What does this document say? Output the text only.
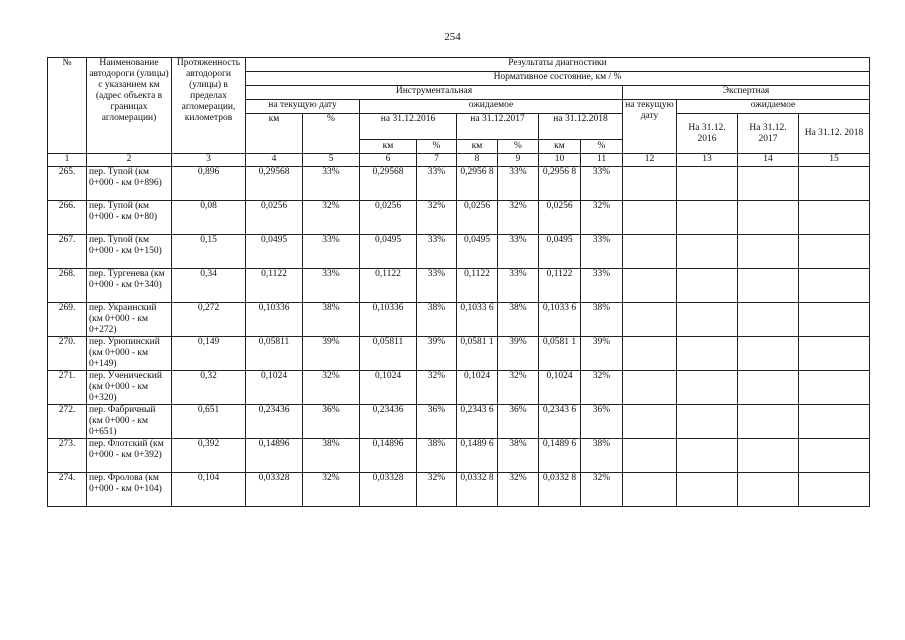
254
№	Наименование автодороги (улицы) с указанием км (адрес объекта в границах агломерации)	Протяженность автодороги (улицы) в пределах агломерации, километров	Результаты диагностики											
			Нормативное состояние, км / %											
			Инструментальная								Экспертная			
			на текущую дату		ожидаемое						на текущую дату	ожидаемое		
			км	%	на 31.12.2016		на 31.12.2017		на 31.12.2018			На 31.12. 2016	На 31.12. 2017	На 31.12. 2018
					км	%	км	%	км	%				
1	2	3	4	5	6	7	8	9	10	11	12	13	14	15
265.	пер. Тупой (км 0+000 - км 0+896)	0,896	0,29568	33%	0,29568	33%	0,2956 8	33%	0,2956 8	33%				
266.	пер. Тупой (км 0+000 - км 0+80)	0,08	0,0256	32%	0,0256	32%	0,0256	32%	0,0256	32%				
267.	пер. Тупой (км 0+000 - км 0+150)	0,15	0,0495	33%	0,0495	33%	0,0495	33%	0,0495	33%				
268.	пер. Тургенева (км 0+000 - км 0+340)	0,34	0,1122	33%	0,1122	33%	0,1122	33%	0,1122	33%				
269.	пер. Украинский (км 0+000 - км 0+272)	0,272	0,10336	38%	0,10336	38%	0,1033 6	38%	0,1033 6	38%				
270.	пер. Урюпинский (км 0+000 - км 0+149)	0,149	0,05811	39%	0,05811	39%	0,0581 1	39%	0,0581 1	39%				
271.	пер. Ученический (км 0+000 - км 0+320)	0,32	0,1024	32%	0,1024	32%	0,1024	32%	0,1024	32%				
272.	пер. Фабричный (км 0+000 - км 0+651)	0,651	0,23436	36%	0,23436	36%	0,2343 6	36%	0,2343 6	36%				
273.	пер. Флотский (км 0+000 - км 0+392)	0,392	0,14896	38%	0,14896	38%	0,1489 6	38%	0,1489 6	38%				
274.	пер. Фролова (км 0+000 - км 0+104)	0,104	0,03328	32%	0,03328	32%	0,0332 8	32%	0,0332 8	32%				
